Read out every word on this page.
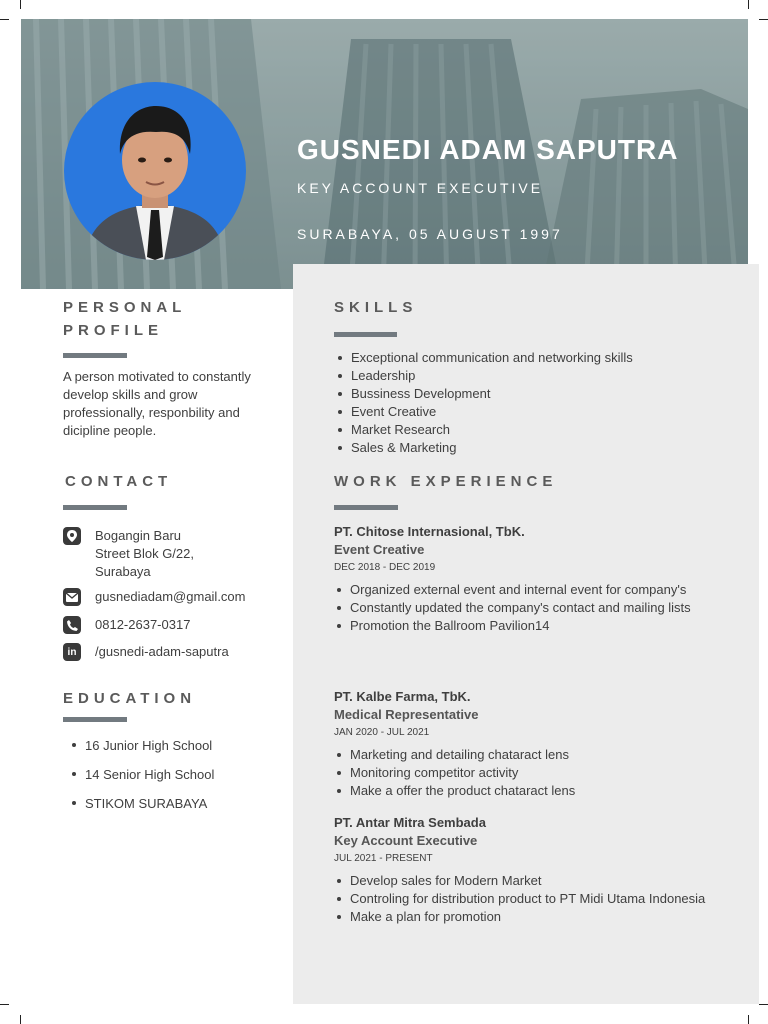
GUSNEDI ADAM SAPUTRA
KEY ACCOUNT EXECUTIVE
SURABAYA, 05 AUGUST 1997
PERSONAL
PROFILE
A person motivated to constantly develop skills and grow professionally, responbility and dicipline people.
CONTACT
Bogangin Baru
Street Blok G/22,
Surabaya
gusnediadam@gmail.com
0812-2637-0317
in /gusnedi-adam-saputra
EDUCATION
16 Junior High School
14 Senior High School
STIKOM SURABAYA
SKILLS
Exceptional communication and networking skills
Leadership
Bussiness Development
Event Creative
Market Research
Sales & Marketing
WORK EXPERIENCE
PT. Chitose Internasional, TbK.
Event Creative
DEC 2018 - DEC 2019
Organized external event and internal event for company's
Constantly updated the company's contact and mailing lists
Promotion the Ballroom Pavilion14
PT. Kalbe Farma, TbK.
Medical Representative
JAN 2020 - JUL 2021
Marketing and detailing chataract lens
Monitoring competitor activity
Make a offer the product chataract lens
PT. Antar Mitra Sembada
Key Account Executive
JUL 2021 - PRESENT
Develop sales for Modern Market
Controling for distribution product to PT Midi Utama Indonesia
Make a plan for promotion
